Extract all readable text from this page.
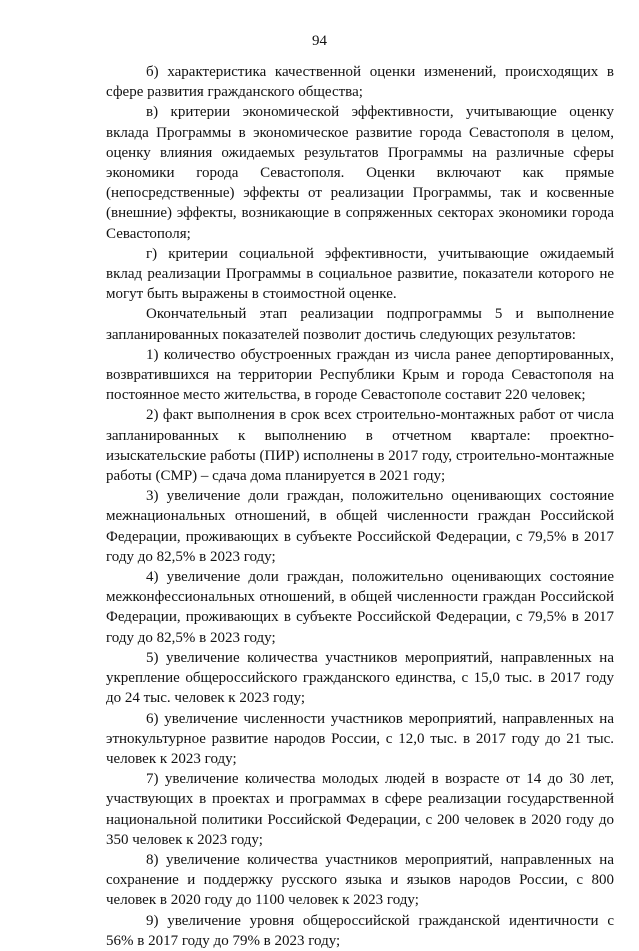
94

б) характеристика качественной оценки изменений, происходящих в сфере развития гражданского общества;

в) критерии экономической эффективности, учитывающие оценку вклада Программы в экономическое развитие города Севастополя в целом, оценку влияния ожидаемых результатов Программы на различные сферы экономики города Севастополя. Оценки включают как прямые (непосредственные) эффекты от реализации Программы, так и косвенные (внешние) эффекты, возникающие в сопряженных секторах экономики города Севастополя;

г) критерии социальной эффективности, учитывающие ожидаемый вклад реализации Программы в социальное развитие, показатели которого не могут быть выражены в стоимостной оценке.

Окончательный этап реализации подпрограммы 5 и выполнение запланированных показателей позволит достичь следующих результатов:

1) количество обустроенных граждан из числа ранее депортированных, возвратившихся на территории Республики Крым и города Севастополя на постоянное место жительства, в городе Севастополе составит 220 человек;

2) факт выполнения в срок всех строительно-монтажных работ от числа запланированных к выполнению в отчетном квартале: проектно-изыскательские работы (ПИР) исполнены в 2017 году, строительно-монтажные работы (СМР) – сдача дома планируется в 2021 году;

3) увеличение доли граждан, положительно оценивающих состояние межнациональных отношений, в общей численности граждан Российской Федерации, проживающих в субъекте Российской Федерации, с 79,5% в 2017 году до 82,5% в 2023 году;

4) увеличение доли граждан, положительно оценивающих состояние межконфессиональных отношений, в общей численности граждан Российской Федерации, проживающих в субъекте Российской Федерации, с 79,5% в 2017 году до 82,5% в 2023 году;

5) увеличение количества участников мероприятий, направленных на укрепление общероссийского гражданского единства, с 15,0 тыс. в 2017 году до 24 тыс. человек к 2023 году;

6) увеличение численности участников мероприятий, направленных на этнокультурное развитие народов России, с 12,0 тыс. в 2017 году до 21 тыс. человек к 2023 году;

7) увеличение количества молодых людей в возрасте от 14 до 30 лет, участвующих в проектах и программах в сфере реализации государственной национальной политики Российской Федерации, с 200 человек в 2020 году до 350 человек к 2023 году;

8) увеличение количества участников мероприятий, направленных на сохранение и поддержку русского языка и языков народов России, с 800 человек в 2020 году до 1100 человек к 2023 году;

9) увеличение уровня общероссийской гражданской идентичности с 56% в 2017 году до 79% в 2023 году;
